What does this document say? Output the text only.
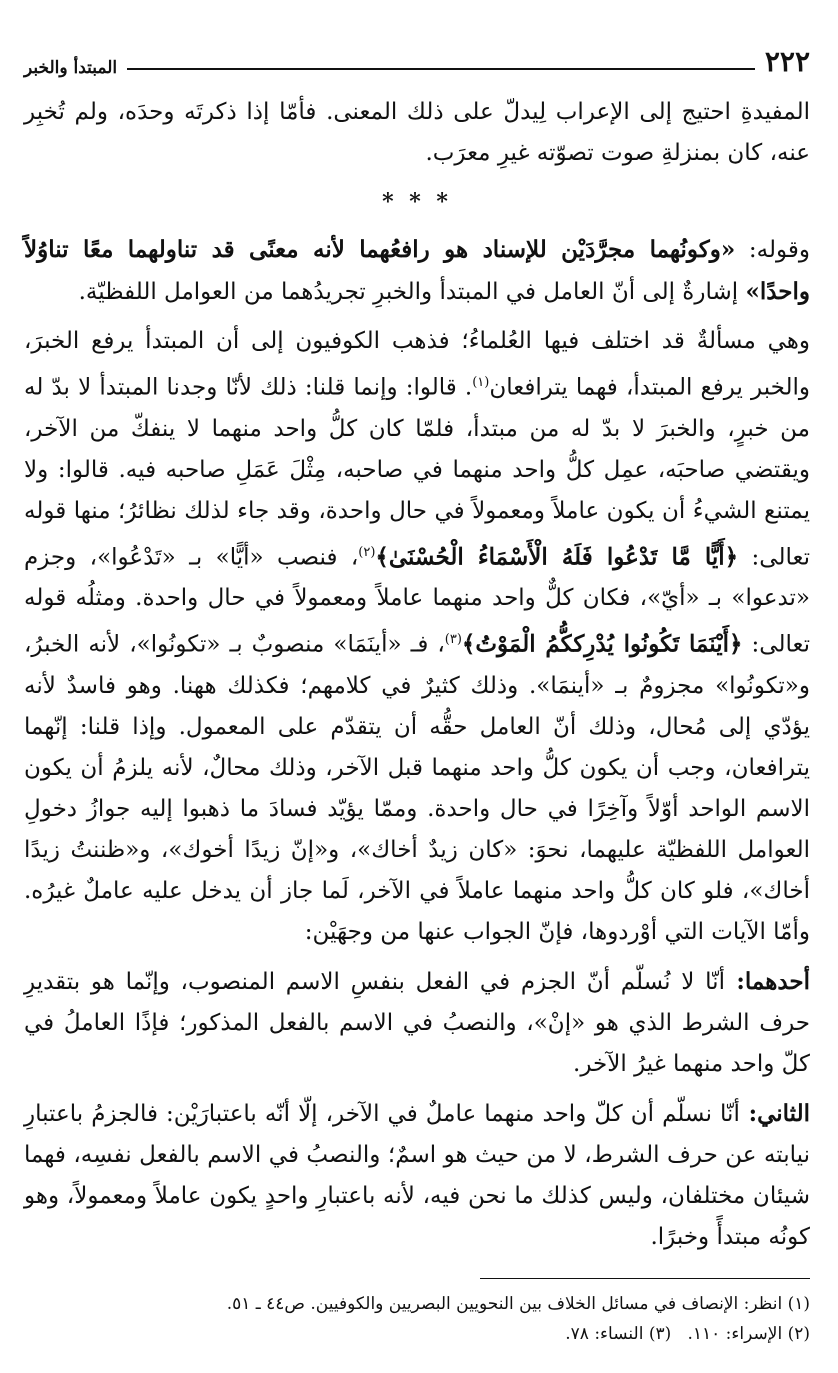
٢٢٢
المبتدأ والخبر

المفيدةِ احتيج إلى الإعراب لِيدلّ على ذلك المعنى. فأمّا إذا ذكرتَه وحدَه، ولم تُخبِر عنه، كان بمنزلةِ صوت تصوّته غيرِ معرَب.

* * *

وقوله: «وكونُهما مجرَّدَيْن للإسناد هو رافعُهما لأنه معنًى قد تناولهما معًا تناوُلاً واحدًا» إشارةٌ إلى أنّ العامل في المبتدأ والخبرِ تجريدُهما من العوامل اللفظيّة.

وهي مسألةٌ قد اختلف فيها العُلماءُ؛ فذهب الكوفيون إلى أن المبتدأ يرفع الخبرَ، والخبر يرفع المبتدأ، فهما يترافعان$^{(١)}$. قالوا: وإنما قلنا: ذلك لأنّا وجدنا المبتدأ لا بدّ له من خبرٍ، والخبرَ لا بدّ له من مبتدأ، فلمّا كان كلُّ واحد منهما لا ينفكّ من الآخر، ويقتضي صاحبَه، عمِل كلُّ واحد منهما في صاحبه، مِثْلَ عَمَلِ صاحبه فيه. قالوا: ولا يمتنع الشيءُ أن يكون عاملاً ومعمولاً في حال واحدة، وقد جاء لذلك نظائرُ؛ منها قوله تعالى: ﴿أَيًّا مَّا تَدْعُوا فَلَهُ الْأَسْمَاءُ الْحُسْنَىٰ﴾$^{(٢)}$، فنصب «أيًّا» بـ «تَدْعُوا»، وجزم «تدعوا» بـ «أيّ»، فكان كلٌّ واحد منهما عاملاً ومعمولاً في حال واحدة. ومثلُه قوله تعالى: ﴿أَيْنَمَا تَكُونُوا يُدْرِككُّمُ الْمَوْتُ﴾$^{(٣)}$، فـ «أينَمَا» منصوبٌ بـ «تكونُوا»، لأنه الخبرُ، و«تكونُوا» مجزومٌ بـ «أينمَا». وذلك كثيرٌ في كلامهم؛ فكذلك ههنا. وهو فاسدٌ لأنه يؤدّي إلى مُحال، وذلك أنّ العامل حقُّه أن يتقدّم على المعمول. وإذا قلنا: إنّهما يترافعان، وجب أن يكون كلُّ واحد منهما قبل الآخر، وذلك محالٌ، لأنه يلزمُ أن يكون الاسم الواحد أوّلاً وآخِرًا في حال واحدة. وممّا يؤيّد فسادَ ما ذهبوا إليه جوازُ دخولِ العوامل اللفظيّة عليهما، نحوَ: «كان زيدٌ أخاك»، و«إنّ زيدًا أخوك»، و«ظننتُ زيدًا أخاك»، فلو كان كلُّ واحد منهما عاملاً في الآخر، لَما جاز أن يدخل عليه عاملٌ غيرُه. وأمّا الآيات التي أوْردوها، فإنّ الجواب عنها من وجهَيْن:

أحدهما: أنّا لا نُسلّم أنّ الجزم في الفعل بنفسِ الاسم المنصوب، وإنّما هو بتقديرِ حرف الشرط الذي هو «إنْ»، والنصبُ في الاسم بالفعل المذكور؛ فإذًا العاملُ في كلّ واحد منهما غيرُ الآخر.

الثاني: أنّا نسلّم أن كلّ واحد منهما عاملٌ في الآخر، إلّا أنّه باعتبارَيْن: فالجزمُ باعتبارِ نيابته عن حرف الشرط، لا من حيث هو اسمٌ؛ والنصبُ في الاسم بالفعل نفسِه، فهما شيئان مختلفان، وليس كذلك ما نحن فيه، لأنه باعتبارِ واحدٍ يكون عاملاً ومعمولاً، وهو كونُه مبتدأً وخبرًا.

(١) انظر: الإنصاف في مسائل الخلاف بين النحويين البصريين والكوفيين. ص٤٤ ـ ٥١.
(٢) الإسراء: ١١٠.   (٣) النساء: ٧٨.
